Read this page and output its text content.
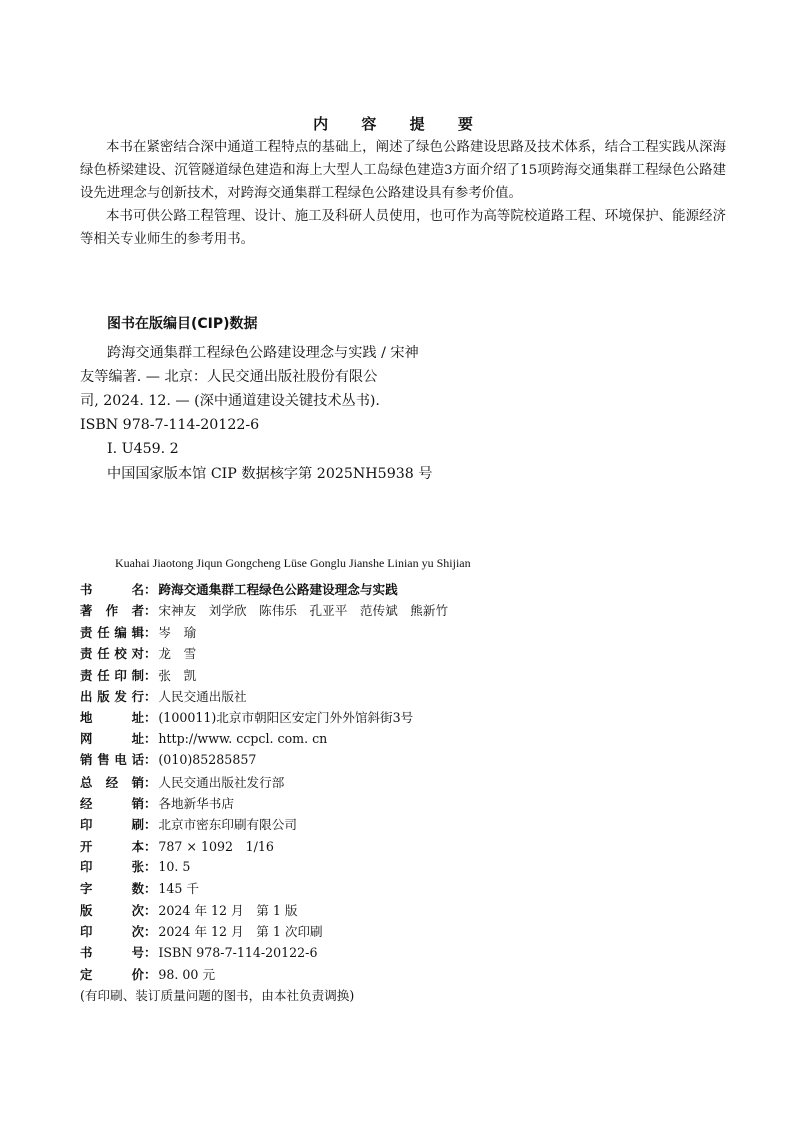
内 容 提 要
本书在紧密结合深中通道工程特点的基础上，阐述了绿色公路建设思路及技术体系，结合工程实践从深海绿色桥梁建设、沉管隧道绿色建造和海上大型人工岛绿色建造3方面介绍了15项跨海交通集群工程绿色公路建设先进理念与创新技术，对跨海交通集群工程绿色公路建设具有参考价值。
本书可供公路工程管理、设计、施工及科研人员使用，也可作为高等院校道路工程、环境保护、能源经济等相关专业师生的参考用书。
图书在版编目(CIP)数据
跨海交通集群工程绿色公路建设理念与实践 / 宋神
友等编著. — 北京：人民交通出版社股份有限公
司, 2024. 12. — (深中通道建设关键技术丛书).
ISBN 978-7-114-20122-6
Ⅰ. U459. 2
中国国家版本馆 CIP 数据核字第 2025NH5938 号
Kuahai Jiaotong Jiqun Gongcheng Lüse Gonglu Jianshe Linian yu Shijian
书	名 ： 跨海交通集群工程绿色公路建设理念与实践
著 作 者 ： 宋神友　刘学欣　陈伟乐　孔亚平　范传斌　熊新竹
责 任 编 辑 ： 岑　瑜
责 任 校 对 ： 龙　雪
责 任 印 制 ： 张　凯
出 版 发 行 ： 人民交通出版社
地	址 ： (100011)北京市朝阳区安定门外外馆斜街3号
网	址 ： http://www. ccpcl. com. cn
销 售 电 话 ： (010)85285857
总 经 销 ： 人民交通出版社发行部
经	销 ： 各地新华书店
印	刷 ： 北京市密东印刷有限公司
开	本 ： 787 × 1092　1/16
印	张 ： 10. 5
字	数 ： 145 千
版	次 ： 2024 年 12 月　第 1 版
印	次 ： 2024 年 12 月　第 1 次印刷
书	号 ： ISBN 978-7-114-20122-6
定	价 ： 98. 00 元
(有印刷、装订质量问题的图书，由本社负责调换)
